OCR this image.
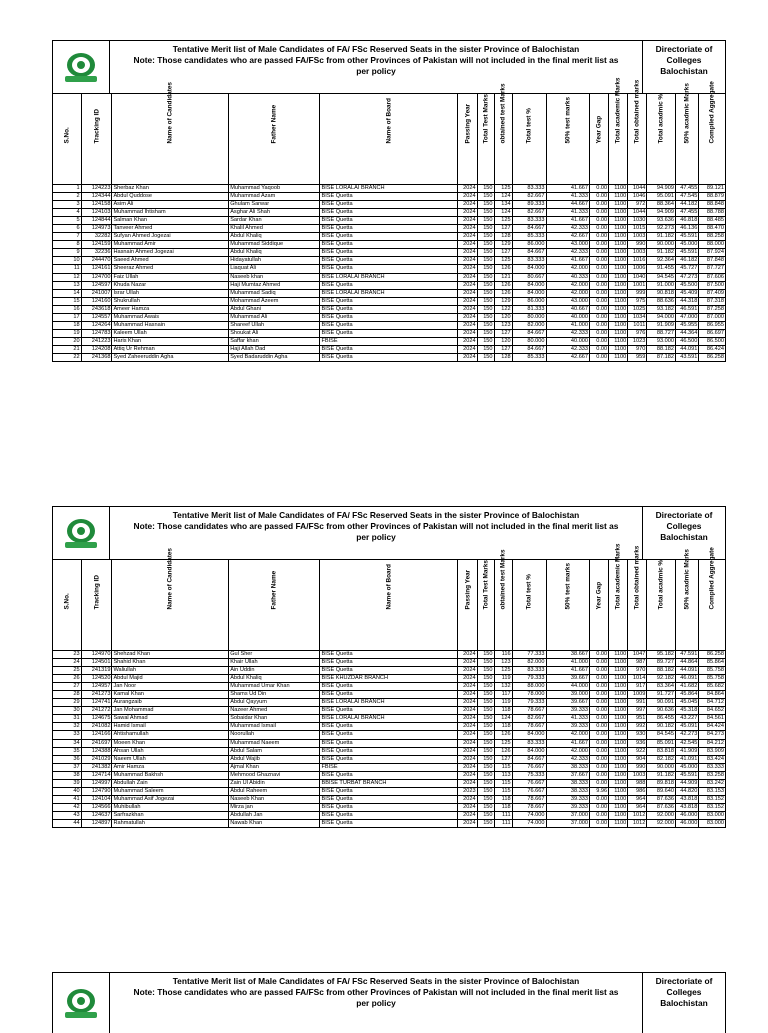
Tentative Merit list of Male Candidates of FA/ FSc Reserved Seats in the sister Province of Balochistan
Note: Those candidates who are passed FA/FSc from other Provinces of Pakistan will not included in the final merit list as
per policy
Directoriate of
Colleges
Balochistan
S.No.	Tracking ID	Name of Candidates	Father Name	Name of Board	Passing Year	Total Test Marks	obtained test Marks	Total test %	50% test marks	Year Gap	Total academic Marks	Total obtained marks	Total acadmic %	50% acadmic Marks	Compiled Aggregate

1	124223	Sherbaz Khan	Muhammad Yaqoob	BISE LORALAI BRANCH	2024	150	125	83.333	41.667	0.00	1100	1044	94.909	47.455	89.121
2	124344	Abdul Quddose	Muhammad Azam	BISE Quetta	2024	150	124	82.667	41.333	0.00	1100	1046	95.091	47.545	88.879
3	124158	Asim Ali	Ghulam Sarwar	BISE Quetta	2024	150	134	89.333	44.667	0.00	1100	972	88.364	44.182	88.848
4	124103	Muhammad Ihtisham	Asghar Ali Shah	BISE Quetta	2024	150	124	82.667	41.333	0.00	1100	1044	94.909	47.455	88.788
5	124844	Salman Khan	Sardar Khan	BISE Quetta	2024	150	125	83.333	41.667	0.00	1100	1030	93.636	46.818	88.485
6	124973	Tanveer Ahmed	Khalil Ahmed	BISE Quetta	2024	150	127	84.667	42.333	0.00	1100	1015	92.273	46.136	88.470
7	32282	Sufyan Ahmed Jogezai	Abdul Khaliq	BISE Quetta	2024	150	128	85.333	42.667	0.00	1100	1003	91.182	45.591	88.258
8	124159	Muhammad Amir	Muhammad Siddique	BISE Quetta	2024	150	129	86.000	43.000	0.00	1100	990	90.000	45.000	88.000
9	32236	Hasnain Ahmed Jogezai	Abdul Khaliq	BISE Quetta	2024	150	127	84.667	42.333	0.00	1100	1003	91.182	45.591	87.924
10	244470	Saeed Ahmed	Hidayatullah	BISE Quetta	2024	150	125	83.333	41.667	0.00	1100	1016	92.364	46.182	87.848
11	124161	Sheeraz Ahmed	Liaquat Ali	BISE Quetta	2024	150	126	84.000	42.000	0.00	1100	1006	91.455	45.727	87.727
12	124700	Faiz Ullah	Naseeb khan	BISE LORALAI BRANCH	2024	150	121	80.667	40.333	0.00	1100	1040	94.545	47.273	87.606
13	124597	Khuda Nazar	Haji Mumtaz Ahmed	BISE Quetta	2024	150	126	84.000	42.000	0.00	1100	1001	91.000	45.500	87.500
14	241007	Israr Ullah	Muhammad Sadiq	BISE LORALAI BRANCH	2024	150	126	84.000	42.000	0.00	1100	999	90.818	45.409	87.409
15	124160	Shukrullah	Mohammad Azeem	BISE Quetta	2024	150	129	86.000	43.000	0.00	1100	975	88.636	44.318	87.318
16	243618	Ameer Hamza	Abdul Ghani	BISE Quetta	2024	150	122	81.333	40.667	0.00	1100	1025	93.182	46.591	87.258
17	124557	Muhammad Awais	Muhammad Ali	BISE Quetta	2024	150	120	80.000	40.000	0.00	1100	1034	94.000	47.000	87.000
18	124264	Muhammad Hasnain	Shareef Ullah	BISE Quetta	2024	150	123	82.000	41.000	0.00	1100	1011	91.909	45.955	86.955
19	124783	Kaleem Ullah	Shoukat Ali	BISE Quetta	2024	150	127	84.667	42.333	0.00	1100	976	88.727	44.364	86.697
20	241223	Haris Khan	Saffar khan	FBISE	2024	150	120	80.000	40.000	0.00	1100	1023	93.000	46.500	86.500
21	124208	Attiq Ur Rehman	Haji Allah Dad	BISE Quetta	2024	150	127	84.667	42.333	0.00	1100	970	88.182	44.091	86.424
22	241368	Syed Zaheeruddin Agha	Syed Badaruddin Agha	BISE Quetta	2024	150	128	85.333	42.667	0.00	1100	959	87.182	43.591	86.258
Tentative Merit list of Male Candidates of FA/ FSc Reserved Seats in the sister Province of Balochistan
Note: Those candidates who are passed FA/FSc from other Provinces of Pakistan will not included in the final merit list as
per policy
Directoriate of
Colleges
Balochistan
S.No.	Tracking ID	Name of Candidates	Father Name	Name of Board	Passing Year	Total Test Marks	obtained test Marks	Total test %	50% test marks	Year Gap	Total academic Marks	Total obtained marks	Total acadmic %	50% acadmic Marks	Compiled Aggregate

23	124970	Shehzad Khan	Gul Sher	BISE Quetta	2024	150	116	77.333	38.667	0.00	1100	1047	95.182	47.591	86.258
24	124501	Shahid Khan	Khair Ullah	BISE Quetta	2024	150	123	82.000	41.000	0.00	1100	987	89.727	44.864	85.864
25	241319	Waliullah	Ain Uddin	BISE Quetta	2024	150	125	83.333	41.667	0.00	1100	970	88.182	44.091	85.758
26	124520	Abdul Majid	Abdul Khaliq	BISE KHUZDAR BRANCH	2024	150	119	79.333	39.667	0.00	1100	1014	92.182	46.091	85.758
27	124957	Jan Noor	Muhammad Umar Khan	BISE Quetta	2024	150	132	88.000	44.000	0.00	1100	917	83.364	41.682	85.682
28	241273	Kamal Khan	Shams Ud Din	BISE Quetta	2024	150	117	78.000	39.000	0.00	1100	1009	91.727	45.864	84.864
29	124741	Aurangzaib	Abdul Qayyum	BISE LORALAI BRANCH	2024	150	119	79.333	39.667	0.00	1100	991	90.091	45.045	84.712
30	241272	Jan Mohammad	Nazeer Ahmed	BISE Quetta	2024	150	118	78.667	39.333	0.00	1100	997	90.636	45.318	84.652
31	124675	Sawal Ahmad	Sobaidar Khan	BISE LORALAI BRANCH	2024	150	124	82.667	41.333	0.00	1100	951	86.455	43.227	84.561
32	241082	Hamid Ismail	Muhammad Ismail	BISE Quetta	2024	150	118	78.667	39.333	0.00	1100	992	90.182	45.091	84.424
33	124166	Ahtishamullah	Noorullah	BISE Quetta	2024	150	126	84.000	42.000	0.00	1100	930	84.545	42.273	84.273
34	241697	Moeen Khan	Muhammad Naeem	BISE Quetta	2024	150	125	83.333	41.667	0.00	1100	936	85.091	42.545	84.212
35	124388	Ahsan Ullah	Abdul Salam	BISE Quetta	2024	150	126	84.000	42.000	0.00	1100	922	83.818	41.909	83.909
36	241029	Naeem Ullah	Abdul Wajib	BISE Quetta	2024	150	127	84.667	42.333	0.00	1100	904	82.182	41.091	83.424
37	241382	Amir Hamza	Ajmal Khan	FBISE	2024	150	115	76.667	38.333	0.00	1100	990	90.000	45.000	83.333
38	124714	Muhammad Bakhsh	Mehmood Ghaznavi	BISE Quetta	2024	150	113	75.333	37.667	0.00	1100	1003	91.182	45.591	83.258
39	124997	Abdullah Zain	Zain Ul Abidin	BBISE TURBAT BRANCH	2024	150	115	76.667	38.333	0.00	1100	988	89.818	44.909	83.242
40	124790	Muhammad Saleem	Abdul Raheem	BISE Quetta	2023	150	115	76.667	38.333	9.96	1100	986	89.640	44.820	83.153
41	124104	Muhammad Asif Jogezai	Naseeb Khan	BISE Quetta	2024	150	118	78.667	39.333	0.00	1100	964	87.636	43.818	83.152
42	124566	Muhibullah	Mirza jan	BISE Quetta	2024	150	118	78.667	39.333	0.00	1100	964	87.636	43.818	83.152
43	124637	Sarfrazkhan	Abdullah Jan	BISE Quetta	2024	150	111	74.000	37.000	0.00	1100	1012	92.000	46.000	83.000
44	124897	Rahmatullah	Nawab Khan	BISE Quetta	2024	150	111	74.000	37.000	0.00	1100	1012	92.000	46.000	83.000
Tentative Merit list of Male Candidates of FA/ FSc Reserved Seats in the sister Province of Balochistan
Note: Those candidates who are passed FA/FSc from other Provinces of Pakistan will not included in the final merit list as
per policy
Directoriate of
Colleges
Balochistan
